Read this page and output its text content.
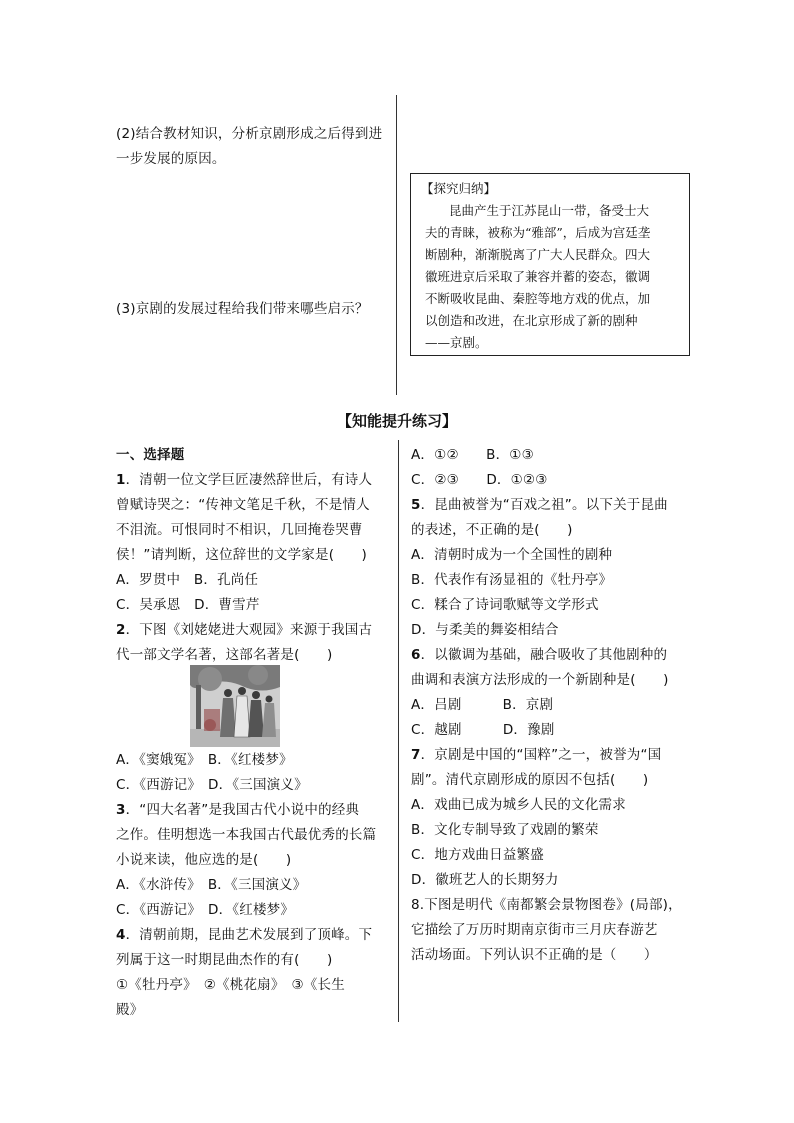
(2)结合教材知识，分析京剧形成之后得到进
一步发展的原因。
(3)京剧的发展过程给我们带来哪些启示？
【探究归纳】
昆曲产生于江苏昆山一带，备受士大
夫的青睐，被称为“雅部”，后成为宫廷垄
断剧种，渐渐脱离了广大人民群众。四大
徽班进京后采取了兼容并蓄的姿态，徽调
不断吸收昆曲、秦腔等地方戏的优点，加
以创造和改进，在北京形成了新的剧种
——京剧。
【知能提升练习】
一、选择题
1．清朝一位文学巨匠凄然辞世后，有诗人
曾赋诗哭之：“传神文笔足千秋，不是情人
不泪流。可恨同时不相识，几回掩卷哭曹
侯！”请判断，这位辞世的文学家是(　　)
A．罗贯中　B．孔尚任
C．吴承恩　D．曹雪芹
2．下图《刘姥姥进大观园》来源于我国古
代一部文学名著，这部名著是(　　)
A．《窦娥冤》　B．《红楼梦》
C．《西游记》　D．《三国演义》
3．“四大名著”是我国古代小说中的经典
之作。佳明想选一本我国古代最优秀的长篇
小说来读，他应选的是(　　)
A．《水浒传》　B．《三国演义》
C．《西游记》　D．《红楼梦》
4．清朝前期，昆曲艺术发展到了顶峰。下
列属于这一时期昆曲杰作的有(　　)
①《牡丹亭》　②《桃花扇》　③《长生
殿》
A．①②　　B．①③
C．②③　　D．①②③
5．昆曲被誉为“百戏之祖”。以下关于昆曲
的表述，不正确的是(　　)
A．清朝时成为一个全国性的剧种
B．代表作有汤显祖的《牡丹亭》
C．糅合了诗词歌赋等文学形式
D．与柔美的舞姿相结合
6．以徽调为基础，融合吸收了其他剧种的
曲调和表演方法形成的一个新剧种是(　　)
A．吕剧　　　B．京剧
C．越剧　　　D．豫剧
7．京剧是中国的“国粹”之一，被誉为“国
剧”。清代京剧形成的原因不包括(　　)
A．戏曲已成为城乡人民的文化需求
B．文化专制导致了戏剧的繁荣
C．地方戏曲日益繁盛
D．徽班艺人的长期努力
8.下图是明代《南都繁会景物图卷》(局部)，
它描绘了万历时期南京街市三月庆春游艺
活动场面。下列认识不正确的是（　　）
